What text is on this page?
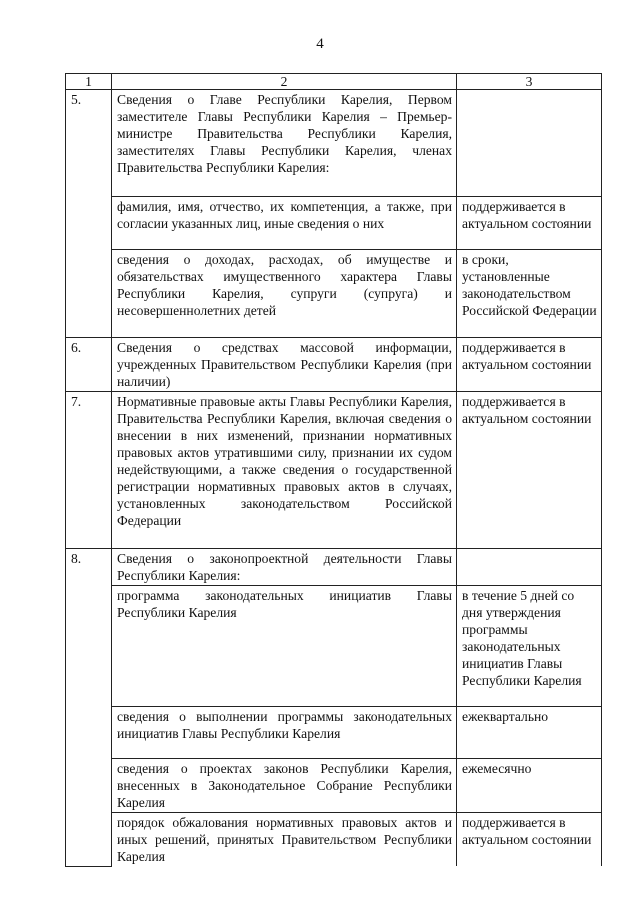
4
1	2	3
5.	Сведения о Главе Республики Карелия, Первом заместителе Главы Республики Карелия – Премьер-министре Правительства Республики Карелия, заместителях Главы Республики Карелия, членах Правительства Республики Карелия:	
	фамилия, имя, отчество, их компетенция, а также, при согласии указанных лиц, иные сведения о них	поддерживается в актуальном состоянии
	сведения о доходах, расходах, об имуществе и обязательствах имущественного характера Главы Республики Карелия, супруги (супруга) и несовершеннолетних детей	в сроки, установленные законодательством Российской Федерации
6.	Сведения о средствах массовой информации, учрежденных Правительством Республики Карелия (при наличии)	поддерживается в актуальном состоянии
7.	Нормативные правовые акты Главы Республики Карелия, Правительства Республики Карелия, включая сведения о внесении в них изменений, признании нормативных правовых актов утратившими силу, признании их судом недействующими, а также сведения о государственной регистрации нормативных правовых актов в случаях, установленных законодательством Российской Федерации	поддерживается в актуальном состоянии
8.	Сведения о законопроектной деятельности Главы Республики Карелия:	
	программа законодательных инициатив Главы Республики Карелия	в течение 5 дней со дня утверждения программы законодательных инициатив Главы Республики Карелия
	сведения о выполнении программы законодательных инициатив Главы Республики Карелия	ежеквартально
	сведения о проектах законов Республики Карелия, внесенных в Законодательное Собрание Республики Карелия	ежемесячно
	порядок обжалования нормативных правовых актов и иных решений, принятых Правительством Республики Карелия	поддерживается в актуальном состоянии
